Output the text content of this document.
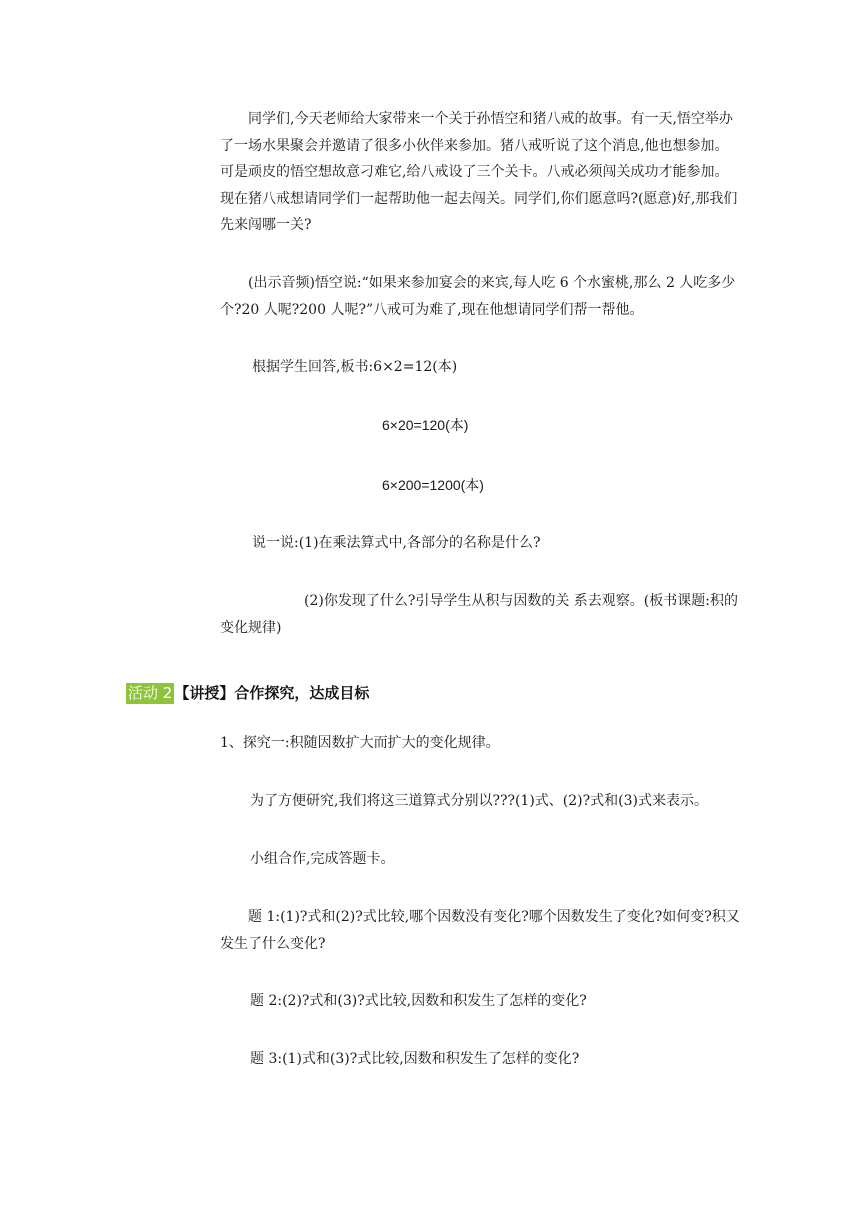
　　同学们,今天老师给大家带来一个关于孙悟空和猪八戒的故事。有一天,悟空举办了一场水果聚会并邀请了很多小伙伴来参加。猪八戒听说了这个消息,他也想参加。可是顽皮的悟空想故意刁难它,给八戒设了三个关卡。八戒必须闯关成功才能参加。现在猪八戒想请同学们一起帮助他一起去闯关。同学们,你们愿意吗?(愿意)好,那我们先来闯哪一关?

　　(出示音频)悟空说:“如果来参加宴会的来宾,每人吃 6 个水蜜桃,那么 2 人吃多少个?20 人呢?200 人呢?”八戒可为难了,现在他想请同学们帮一帮他。

根据学生回答,板书:6×2=12(本)

6×20=120(本)

6×200=1200(本)

说一说:(1)在乘法算式中,各部分的名称是什么?

　　　　　　(2)你发现了什么?引导学生从积与因数的关 系去观察。(板书课题:积的变化规律)

活动 2 【讲授】合作探究，达成目标

1、探究一:积随因数扩大而扩大的变化规律。

为了方便研究,我们将这三道算式分别以???(1)式、(2)?式和(3)式来表示。

小组合作,完成答题卡。

　　题 1:(1)?式和(2)?式比较,哪个因数没有变化?哪个因数发生了变化?如何变?积又发生了什么变化?

题 2:(2)?式和(3)?式比较,因数和积发生了怎样的变化?

题 3:(1)式和(3)?式比较,因数和积发生了怎样的变化?
